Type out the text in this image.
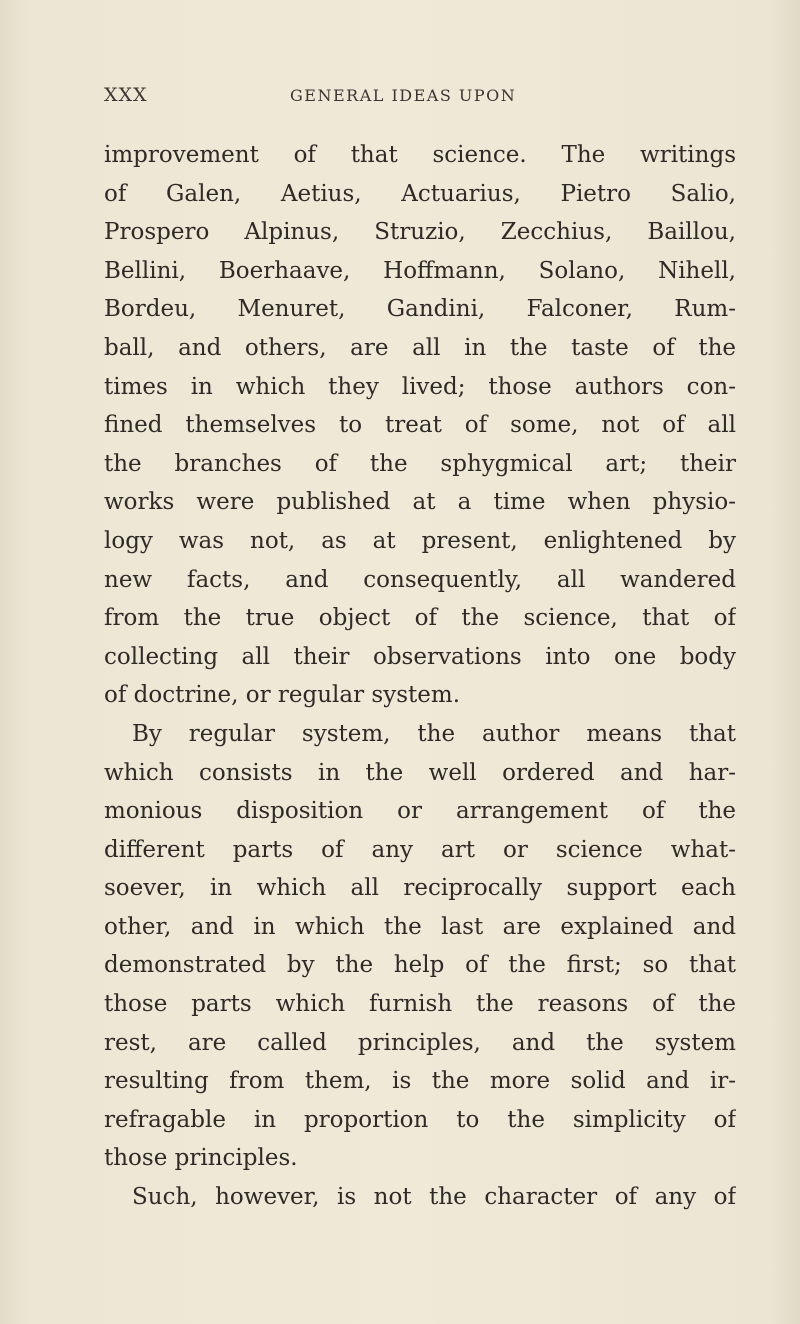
XXX	GENERAL IDEAS UPON
improvement of that science. The writings
of Galen, Aetius, Actuarius, Pietro Salio,
Prospero Alpinus, Struzio, Zecchius, Baillou,
Bellini, Boerhaave, Hoffmann, Solano, Nihell,
Bordeu, Menuret, Gandini, Falconer, Rum-
ball, and others, are all in the taste of the
times in which they lived; those authors con-
fined themselves to treat of some, not of all
the branches of the sphygmical art; their
works were published at a time when physio-
logy was not, as at present, enlightened by
new facts, and consequently, all wandered
from the true object of the science, that of
collecting all their observations into one body
of doctrine, or regular system.
By regular system, the author means that
which consists in the well ordered and har-
monious disposition or arrangement of the
different parts of any art or science what-
soever, in which all reciprocally support each
other, and in which the last are explained and
demonstrated by the help of the first; so that
those parts which furnish the reasons of the
rest, are called principles, and the system
resulting from them, is the more solid and ir-
refragable in proportion to the simplicity of
those principles.
Such, however, is not the character of any of
